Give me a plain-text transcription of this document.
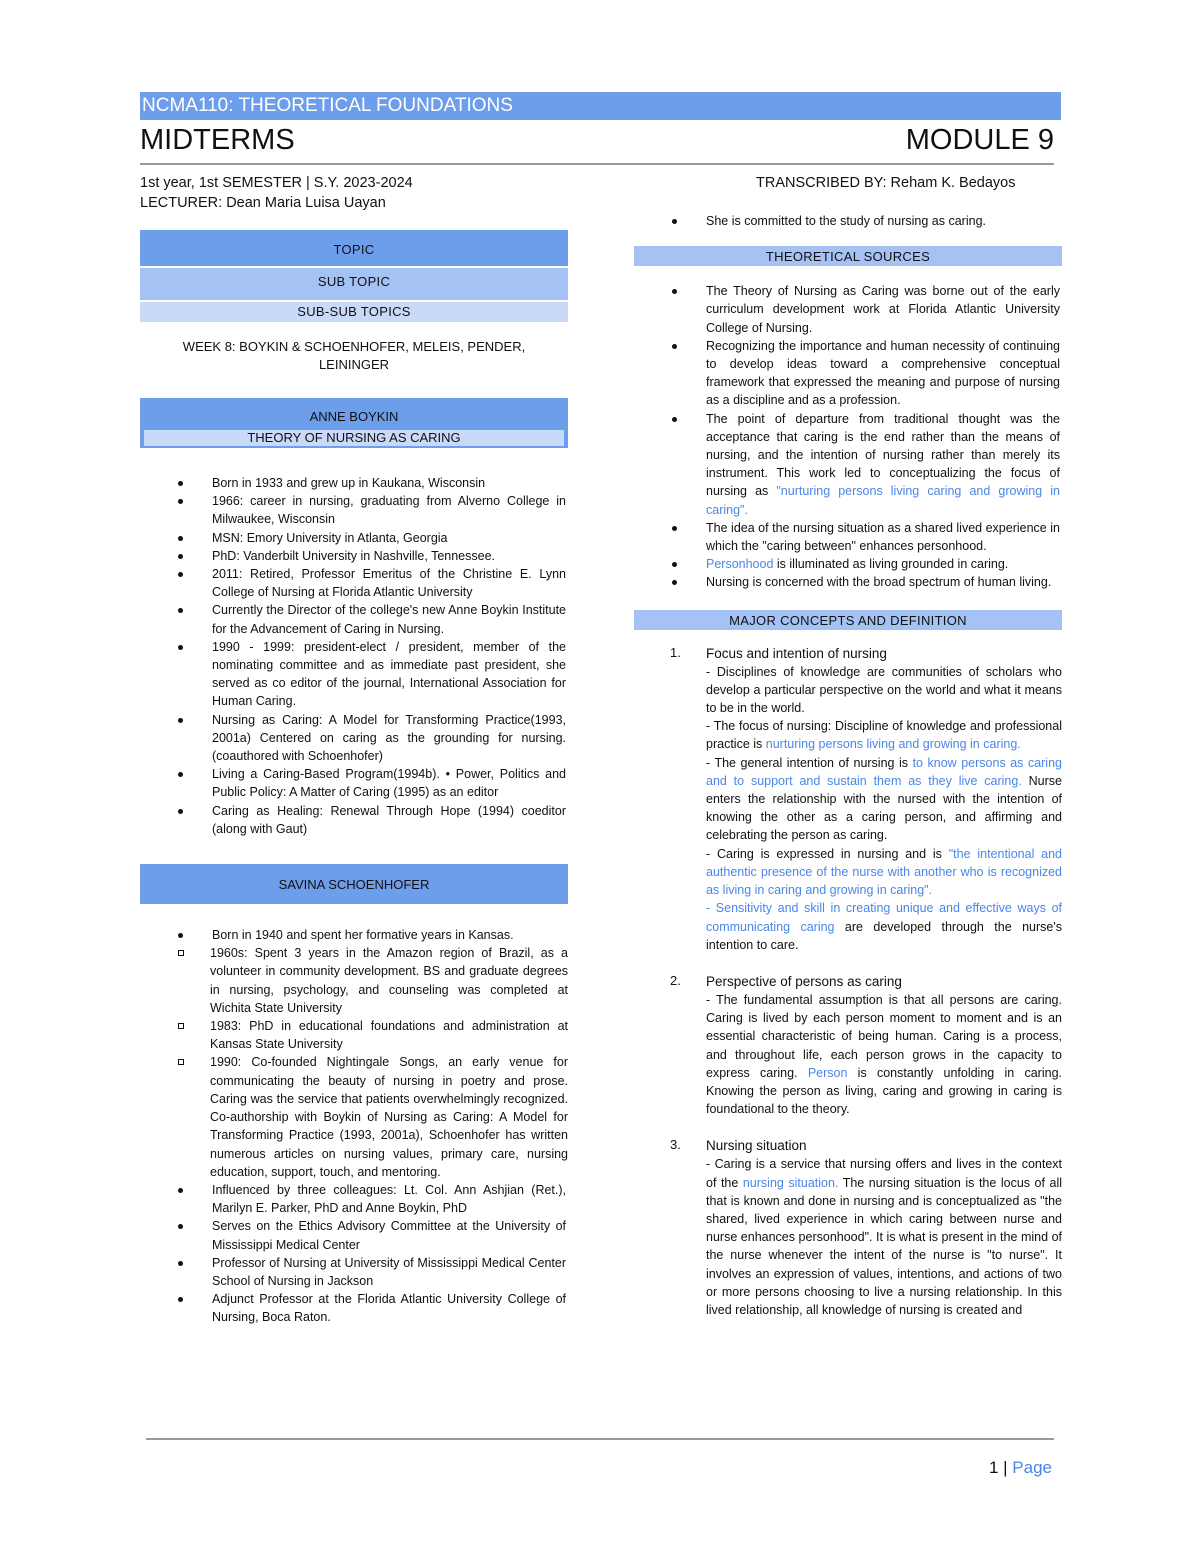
NCMA110: THEORETICAL FOUNDATIONS
MIDTERMS	MODULE 9
1st year, 1st SEMESTER | S.Y. 2023-2024
LECTURER: Dean Maria Luisa Uayan
TRANSCRIBED BY: Reham K. Bedayos
TOPIC
SUB TOPIC
SUB-SUB TOPICS
WEEK 8: BOYKIN & SCHOENHOFER, MELEIS, PENDER, LEININGER
ANNE BOYKIN
THEORY OF NURSING AS CARING
Born in 1933 and grew up in Kaukana, Wisconsin
1966: career in nursing, graduating from Alverno College in Milwaukee, Wisconsin
MSN: Emory University in Atlanta, Georgia
PhD: Vanderbilt University in Nashville, Tennessee.
2011: Retired, Professor Emeritus of the Christine E. Lynn College of Nursing at Florida Atlantic University
Currently the Director of the college's new Anne Boykin Institute for the Advancement of Caring in Nursing.
1990 - 1999: president-elect / president, member of the nominating committee and as immediate past president, she served as co editor of the journal, International Association for Human Caring.
Nursing as Caring: A Model for Transforming Practice(1993, 2001a) Centered on caring as the grounding for nursing. (coauthored with Schoenhofer)
Living a Caring-Based Program(1994b). • Power, Politics and Public Policy: A Matter of Caring (1995) as an editor
Caring as Healing: Renewal Through Hope (1994) coeditor (along with Gaut)
SAVINA SCHOENHOFER
Born in 1940 and spent her formative years in Kansas.
1960s: Spent 3 years in the Amazon region of Brazil, as a volunteer in community development. BS and graduate degrees in nursing, psychology, and counseling was completed at Wichita State University
1983: PhD in educational foundations and administration at Kansas State University
1990: Co-founded Nightingale Songs, an early venue for communicating the beauty of nursing in poetry and prose. Caring was the service that patients overwhelmingly recognized. Co-authorship with Boykin of Nursing as Caring: A Model for Transforming Practice (1993, 2001a), Schoenhofer has written numerous articles on nursing values, primary care, nursing education, support, touch, and mentoring.
Influenced by three colleagues: Lt. Col. Ann Ashjian (Ret.), Marilyn E. Parker, PhD and Anne Boykin, PhD
Serves on the Ethics Advisory Committee at the University of Mississippi Medical Center
Professor of Nursing at University of Mississippi Medical Center School of Nursing in Jackson
Adjunct Professor at the Florida Atlantic University College of Nursing, Boca Raton.
She is committed to the study of nursing as caring.
THEORETICAL SOURCES
The Theory of Nursing as Caring was borne out of the early curriculum development work at Florida Atlantic University College of Nursing.
Recognizing the importance and human necessity of continuing to develop ideas toward a comprehensive conceptual framework that expressed the meaning and purpose of nursing as a discipline and as a profession.
The point of departure from traditional thought was the acceptance that caring is the end rather than the means of nursing, and the intention of nursing rather than merely its instrument. This work led to conceptualizing the focus of nursing as "nurturing persons living caring and growing in caring".
The idea of the nursing situation as a shared lived experience in which the "caring between" enhances personhood.
Personhood is illuminated as living grounded in caring.
Nursing is concerned with the broad spectrum of human living.
MAJOR CONCEPTS AND DEFINITION
1. Focus and intention of nursing
- Disciplines of knowledge are communities of scholars who develop a particular perspective on the world and what it means to be in the world.
- The focus of nursing: Discipline of knowledge and professional practice is nurturing persons living and growing in caring.
- The general intention of nursing is to know persons as caring and to support and sustain them as they live caring. Nurse enters the relationship with the nursed with the intention of knowing the other as a caring person, and affirming and celebrating the person as caring.
- Caring is expressed in nursing and is "the intentional and authentic presence of the nurse with another who is recognized as living in caring and growing in caring".
- Sensitivity and skill in creating unique and effective ways of communicating caring are developed through the nurse's intention to care.
2. Perspective of persons as caring
- The fundamental assumption is that all persons are caring. Caring is lived by each person moment to moment and is an essential characteristic of being human. Caring is a process, and throughout life, each person grows in the capacity to express caring. Person is constantly unfolding in caring. Knowing the person as living, caring and growing in caring is foundational to the theory.
3. Nursing situation
- Caring is a service that nursing offers and lives in the context of the nursing situation. The nursing situation is the locus of all that is known and done in nursing and is conceptualized as "the shared, lived experience in which caring between nurse and nurse enhances personhood". It is what is present in the mind of the nurse whenever the intent of the nurse is "to nurse". It involves an expression of values, intentions, and actions of two or more persons choosing to live a nursing relationship. In this lived relationship, all knowledge of nursing is created and
1 | Page
